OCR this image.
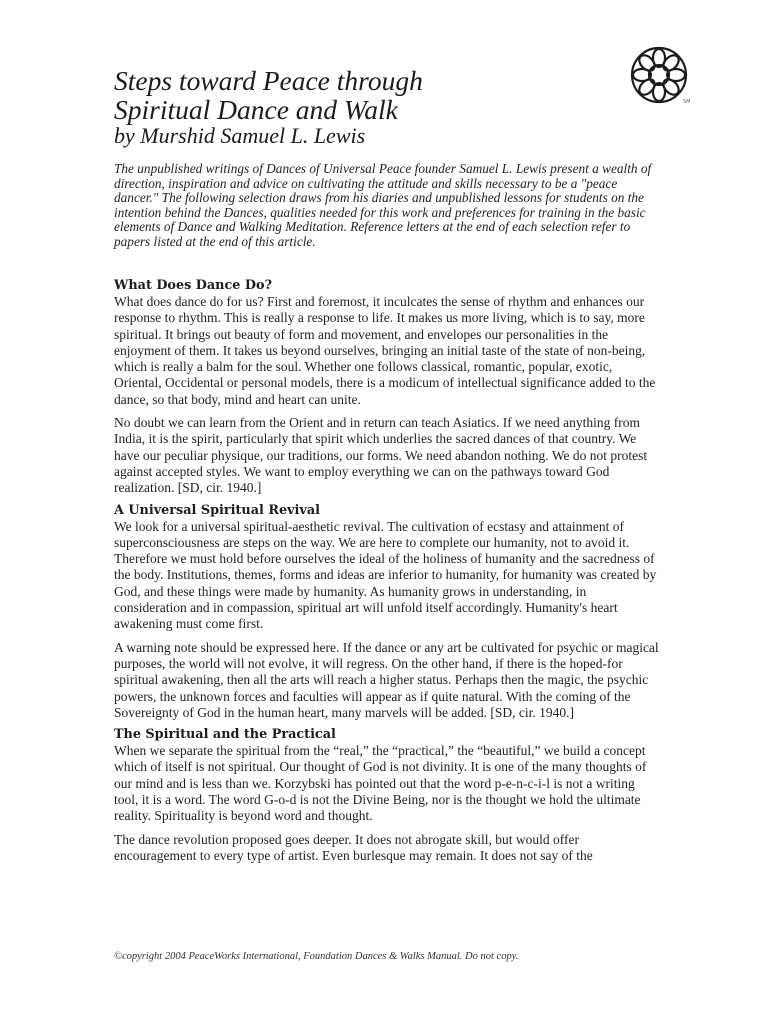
Steps toward Peace through
Spiritual Dance and Walk
by Murshid Samuel L. Lewis
SM
The unpublished writings of Dances of Universal Peace founder Samuel L. Lewis present a wealth of direction, inspiration and advice on cultivating the attitude and skills necessary to be a "peace dancer." The following selection draws from his diaries and unpublished lessons for students on the intention behind the Dances, qualities needed for this work and preferences for training in the basic elements of Dance and Walking Meditation. Reference letters at the end of each selection refer to papers listed at the end of this article.
What Does Dance Do?

What does dance do for us? First and foremost, it inculcates the sense of rhythm and enhances our response to rhythm. This is really a response to life. It makes us more living, which is to say, more spiritual. It brings out beauty of form and movement, and envelopes our personalities in the enjoyment of them. It takes us beyond ourselves, bringing an initial taste of the state of non-being, which is really a balm for the soul. Whether one follows classical, romantic, popular, exotic, Oriental, Occidental or personal models, there is a modicum of intellectual significance added to the dance, so that body, mind and heart can unite.

No doubt we can learn from the Orient and in return can teach Asiatics. If we need anything from India, it is the spirit, particularly that spirit which underlies the sacred dances of that country. We have our peculiar physique, our traditions, our forms. We need abandon nothing. We do not protest against accepted styles. We want to employ everything we can on the pathways toward God realization. [SD, cir. 1940.]

A Universal Spiritual Revival

We look for a universal spiritual-aesthetic revival. The cultivation of ecstasy and attainment of superconsciousness are steps on the way. We are here to complete our humanity, not to avoid it. Therefore we must hold before ourselves the ideal of the holiness of humanity and the sacredness of the body. Institutions, themes, forms and ideas are inferior to humanity, for humanity was created by God, and these things were made by humanity. As humanity grows in understanding, in consideration and in compassion, spiritual art will unfold itself accordingly. Humanity's heart awakening must come first.

A warning note should be expressed here. If the dance or any art be cultivated for psychic or magical purposes, the world will not evolve, it will regress. On the other hand, if there is the hoped-for spiritual awakening, then all the arts will reach a higher status. Perhaps then the magic, the psychic powers, the unknown forces and faculties will appear as if quite natural. With the coming of the Sovereignty of God in the human heart, many marvels will be added. [SD, cir. 1940.]

The Spiritual and the Practical

When we separate the spiritual from the “real,” the “practical,” the “beautiful,” we build a concept which of itself is not spiritual. Our thought of God is not divinity. It is one of the many thoughts of our mind and is less than we. Korzybski has pointed out that the word p-e-n-c-i-l is not a writing tool, it is a word. The word G-o-d is not the Divine Being, nor is the thought we hold the ultimate reality. Spirituality is beyond word and thought.

The dance revolution proposed goes deeper. It does not abrogate skill, but would offer encouragement to every type of artist. Even burlesque may remain. It does not say of the

©copyright 2004 PeaceWorks International, Foundation Dances & Walks Manual. Do not copy.
